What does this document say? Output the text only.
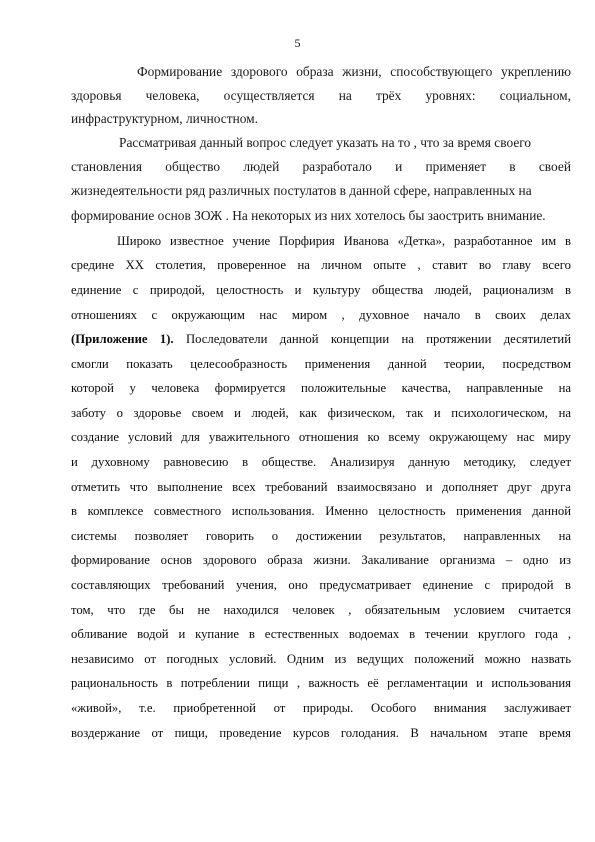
5
Формирование здорового образа жизни, способствующего укреплению
здоровья человека, осуществляется на трёх уровнях: социальном,
инфраструктурном, личностном.
Рассматривая данный вопрос следует указать на то , что за время своего
становления общество людей разработало и применяет в своей
жизнедеятельности ряд различных постулатов в данной сфере, направленных на
формирование основ ЗОЖ . На некоторых из них хотелось бы заострить внимание.
Широко известное учение Порфирия Иванова «Детка», разработанное им в
средине XX столетия, проверенное на личном опыте , ставит во главу всего
единение с природой, целостность и культуру общества людей, рационализм в
отношениях с окружающим нас миром , духовное начало в своих делах
(Приложение 1). Последователи данной концепции на протяжении десятилетий
смогли показать целесообразность применения данной теории, посредством
которой у человека формируется положительные качества, направленные на
заботу о здоровье своем и людей, как физическом, так и психологическом, на
создание условий для уважительного отношения ко всему окружающему нас миру
и духовному равновесию в обществе. Анализируя данную методику, следует
отметить что выполнение всех требований взаимосвязано и дополняет друг друга
в комплексе совместного использования. Именно целостность применения данной
системы позволяет говорить о достижении результатов, направленных на
формирование основ здорового образа жизни. Закаливание организма – одно из
составляющих требований учения, оно предусматривает единение с природой в
том, что где бы не находился человек , обязательным условием считается
обливание водой и купание в естественных водоемах в течении круглого года ,
независимо от погодных условий. Одним из ведущих положений можно назвать
рациональность в потреблении пищи , важность её регламентации и использования
«живой», т.е. приобретенной от природы. Особого внимания заслуживает
воздержание от пищи, проведение курсов голодания. В начальном этапе время
